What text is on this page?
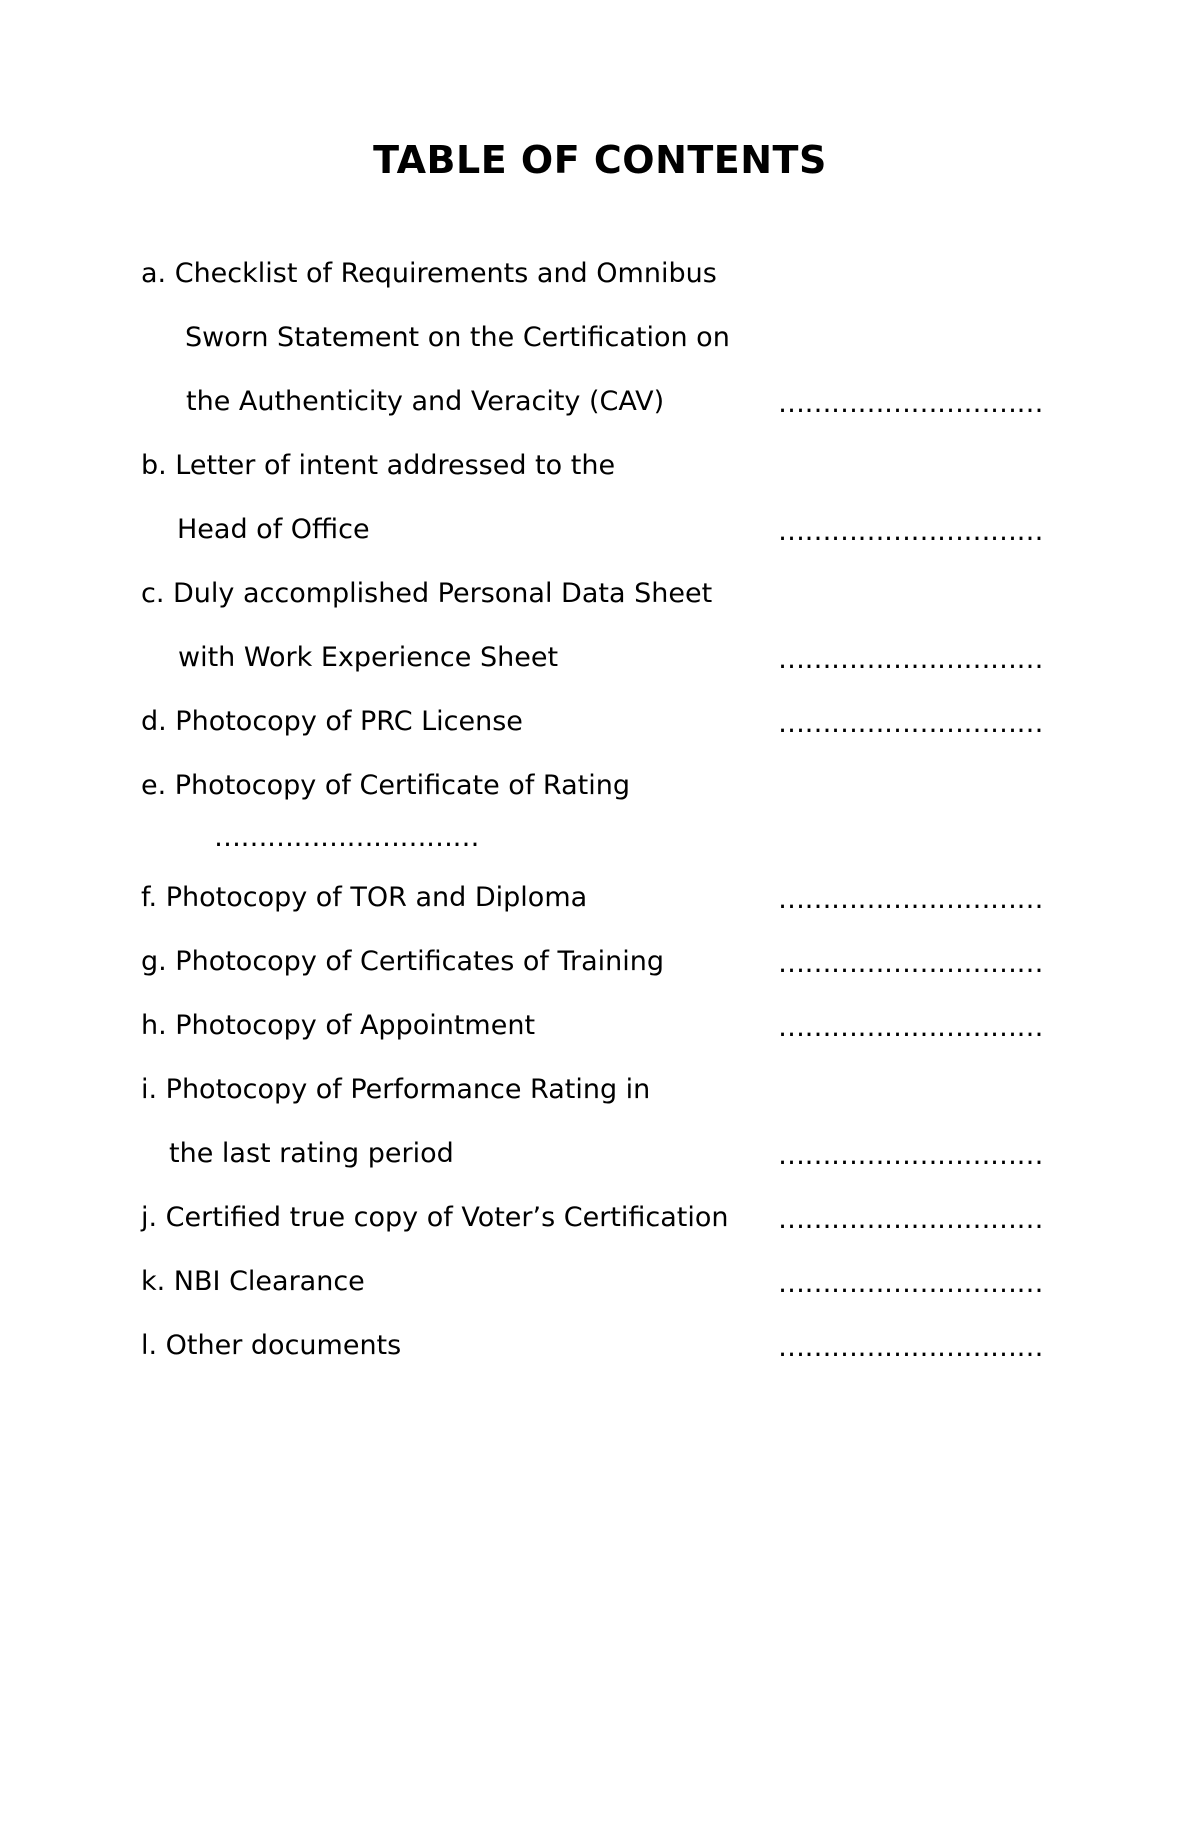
TABLE OF CONTENTS
a. Checklist of Requirements and Omnibus
Sworn Statement on the Certification on
the Authenticity and Veracity (CAV)	…………………………
b. Letter of intent addressed to the
Head of Office	…………………………
c. Duly accomplished Personal Data Sheet
with Work Experience Sheet	…………………………
d. Photocopy of PRC License	…………………………
e. Photocopy of Certificate of Rating
…………………………
f. Photocopy of TOR and Diploma	…………………………
g. Photocopy of Certificates of Training	…………………………
h. Photocopy of Appointment	…………………………
i. Photocopy of Performance Rating in
the last rating period	…………………………
j. Certified true copy of Voter’s Certification …………………………
k. NBI Clearance	…………………………
l. Other documents	…………………………
